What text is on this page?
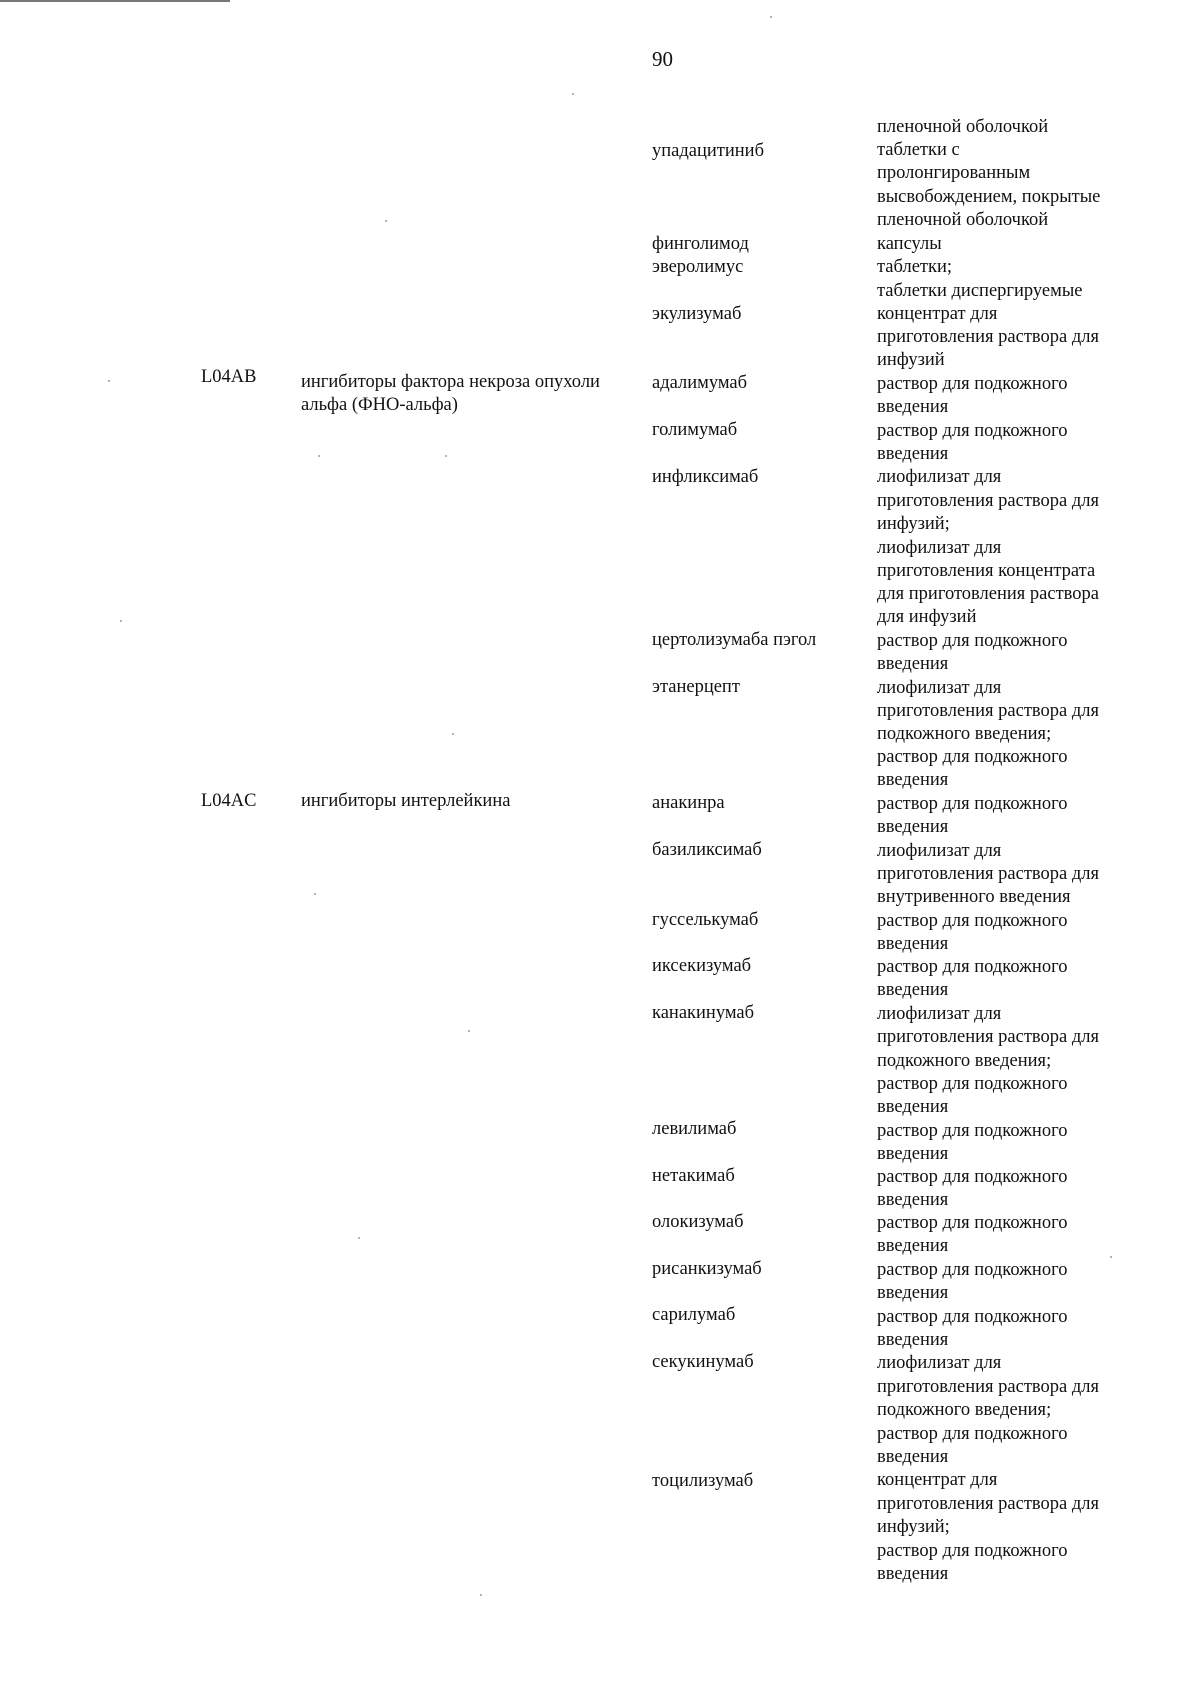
90
L04AB ингибиторы фактора некроза опухоли
альфа (ФНО-альфа)
L04AC ингибиторы интерлейкина
упадацитиниб
финголимод
эверолимус
экулизумаб
адалимумаб
голимумаб
инфликсимаб
цертолизумаба пэгол
этанерцепт
анакинра
базиликсимаб
гусселькумаб
иксекизумаб
канакинумаб
левилимаб
нетакимаб
олокизумаб
рисанкизумаб
сарилумаб
секукинумаб
тоцилизумаб
пленочной оболочкой
таблетки с
пролонгированным
высвобождением, покрытые
пленочной оболочкой
капсулы
таблетки;
таблетки диспергируемые
концентрат для
приготовления раствора для
инфузий
раствор для подкожного
введения
раствор для подкожного
введения
лиофилизат для
приготовления раствора для
инфузий;
лиофилизат для
приготовления концентрата
для приготовления раствора
для инфузий
раствор для подкожного
введения
лиофилизат для
приготовления раствора для
подкожного введения;
раствор для подкожного
введения
раствор для подкожного
введения
лиофилизат для
приготовления раствора для
внутривенного введения
раствор для подкожного
введения
раствор для подкожного
введения
лиофилизат для
приготовления раствора для
подкожного введения;
раствор для подкожного
введения
раствор для подкожного
введения
раствор для подкожного
введения
раствор для подкожного
введения
раствор для подкожного
введения
раствор для подкожного
введения
лиофилизат для
приготовления раствора для
подкожного введения;
раствор для подкожного
введения
концентрат для
приготовления раствора для
инфузий;
раствор для подкожного
введения
